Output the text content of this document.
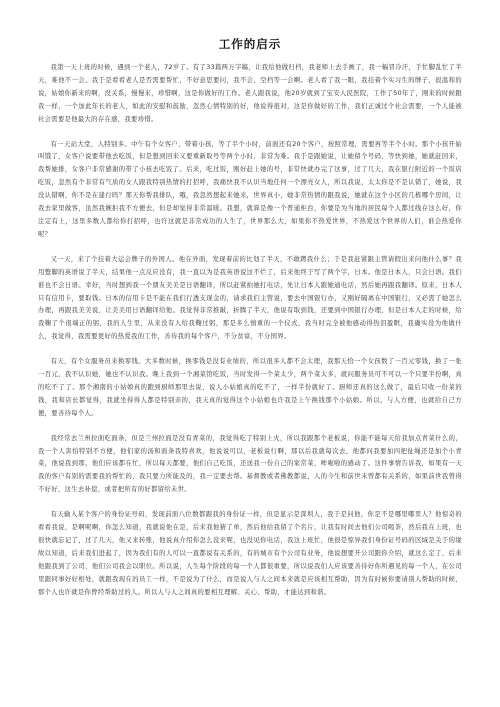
工作的启示

我第一天上班的时候，遇到一个老人，72岁了。有了33篇两万字稿，让我给他做归档，我老师上去手画了，我一幅冒冷汗，手忙脚乱忙了半天，难他不一会。我于是看看老人是否需要帮忙，不好意思要问，我不会，空档等一会啊。老人看了我一眼，我挂着个实习生的牌子，很温和的说，姑娘你新来的啊，没关系，慢慢来，珍惜啊，这是你做好的工作。老人跟我说，他20岁就到了宝安人民医院，工作了50年了，刚来的时候跟我一样，一个加此年长的老人，如此的安慰和鼓励，忽然心情特别的好，他说得很对，这是你做好的工作，我们正诚过个社会需要，一个人能被社会需要是他最大的存在感，我要珍惜。

有一天站大堂，人特别多。中午有个女客户，带着小孩，等了半个小时，前面还有20个客户，按照常理，需要再等半个小时。那个小孩开始叫饿了，女客户说要带他去吃饭，但是想到回来又要重新取号等两个小时，非常为难。我于是跟她说，让她留个号码，等快到她，她就赶回来，我帮她排，女客户非常感谢的带了小孩去吃饭了。后来，吃过饭，刚好赶上她的号，非常快就办完了这事，过了几天，我在银行附近的一个饭店吃饭，忽然有个非常有气质的女人跟我特别热情的打招呼，我痛快我不认识当地任何一个漂亮女人，所以我说，太太你是不是认错了，她说，我没认错啊，你不是在建行吗？那天你帮我排队，哦，我忽然想起来她来，世界真小，她非常热情的跟我说，她就在这个小区的几栋哪个房间，让我去家里做客，虽然我婉拒我不方便去，但是却觉得非常温暖。我想，就算是像一个普通柜台，你要是为当地的居民每个人都过线存这么好，你注定有上，这里多数人都给你打招呼，也许这就是非常成功的人生了，世界那么大，如果你不热爱世界，不热爱这个世界的人们，谁会热爱你呢？

又一天，来了个挂着大运会牌子的外国人。他在外面，发现着前的比划了半天，不敢蹲我什么；于是我赶紧跟主管请假出来问他什么事？我用蹩脚的英语说了半天，结果他一点反应没有，我一直以为是我英语说这不烂了，后来他终于写了两个字，日本。他是日本人，只会日语。我们谁也不会日语。幸好，当时想到我一个朋友美美是日语翻译，所以赶紧拍她打电话，先让日本人跟她通电话，然后她再跟我翻译。原来，日本人只有信用卡，要取钱。日本的信用卡是不能在我们行透支现金的，请求我们主管说，要去中国银行办，又刚好隔离在中国银行，又必需了她怎么办理，再跟我美美说，让美美用日语翻译给他。我觉得非常推敲，折腾了半天，他说有取到钱，还要到中国银行办理，但是日本人走的时候，给我鞠了个很端正的躬，我的人生里，从来没有人给我鞠过躬，那是多么慎重的一个仪式，我当时完全被他感动得热泪盈眶，我确实没为他做什么，我觉得，我需要更好的热爱我的工作，善待我的每个客户，不分贫富，不分国界。

有天，有个女服务员来换零钱。大多数时候，换零钱是没有业绩的，所以很多人都不会太理，我那天恰一个女孩数了一百元零钱，换了一张一百元，我不认识她，她也不认识我。晚上我到一个湘菜馆吃饭，当时发得一个菜太少，两个菜太多，就问服务员可不可以一个只要半份啊，真的吃不了了。那个湘南的小姑娘真的跑到厨师那里去说，说人小姑娘真的吃不了，一样半份就好了。厨师还真的这么做了，最后只收一份菜的钱，我和店长都觉得，我就坐得得人都是特别亲的，我天真的觉得这个小姑娘也许我是上午换钱那个小姑娘。所以，与人方便，也就给自己方便，要善待每个人。

我经常去兰州拉面吃面条，但是兰州拉面是没有青菜的，我觉得吃了特别上火，所以我跟那个老板说，你能不能每天给我加点青菜什么的，我一个人害怕特别不方便，他们家的汤和面条我特喜欢，他说说可以，老板说行啊，那以后我就每次去，他都问我要加四把扯绳还是加个小青菜，他说我到那，他们应该都在忙，所以每天都要，他们自己吃饭，还送我一份自己的家常菜，哞啦啦的感动了。这件事情告诉我，如果有一天我的客户有别的需要我的帮忙的，我只要力所能及的，我一定要去帮。基督教或者佛教都说，人的今生和前世未曾都有关系的，如果前世我曾得不好好，这生去补偿，或者把所有的好都留给未世。

有天输入某个客户的身份证号码，发现前面八位数都跟我的身份证一样，但是显示是深圳人，我于是问他，你是不是哪里哪里人？他惊奇的看看我说，是啊呢啊，你怎么知道，我就说他在是，后来我他猜了单，然后他给我留了个名片，让我有时间去他们公司喝茶，然后我在上班，也很快就忘记了，过了几天，他又来转账，他说真介绍你怎么没来呢，也没见你电话，我这上班忙，他很是惊异我们身份证号码的区域是关于的缘故以知道，后来我们进起了，因为我们有的人可以一直都说有关系的，有的城市有个公司有业务，他说想要开公司跟你介绍，就这么定了，后来他跟我到了公司，他们公司我会以职位。所以说，人生每个阶段的每一个人都很重要，所以说我们人应该要善待好你所遇见的每一个人，在公司里跟同事好好相处，就跟我现在的员工一样，不是说为了什么，而是说人与人之间本来就是应该相互帮助，因为有时候你要请别人帮助的时候，那个人也许就是你曾经帮助过的人。所以人与人之间真的要相互理解、关心、帮助，才能达到和谐。
